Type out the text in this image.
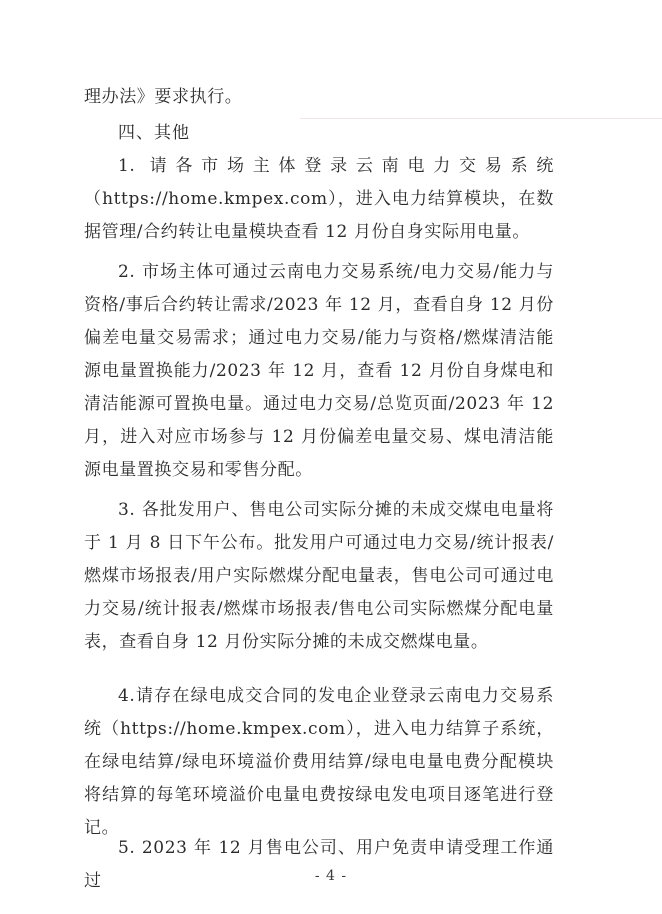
理办法》要求执行。

四、其他

1. 请各市场主体登录云南电力交易系统（https://home.kmpex.com），进入电力结算模块，在数据管理/合约转让电量模块查看 12 月份自身实际用电量。

2. 市场主体可通过云南电力交易系统/电力交易/能力与资格/事后合约转让需求/2023 年 12 月，查看自身 12 月份偏差电量交易需求；通过电力交易/能力与资格/燃煤清洁能源电量置换能力/2023 年 12 月，查看 12 月份自身煤电和清洁能源可置换电量。通过电力交易/总览页面/2023 年 12 月，进入对应市场参与 12 月份偏差电量交易、煤电清洁能源电量置换交易和零售分配。

3. 各批发用户、售电公司实际分摊的未成交煤电电量将于 1 月 8 日下午公布。批发用户可通过电力交易/统计报表/燃煤市场报表/用户实际燃煤分配电量表，售电公司可通过电力交易/统计报表/燃煤市场报表/售电公司实际燃煤分配电量表，查看自身 12 月份实际分摊的未成交燃煤电量。

4.请存在绿电成交合同的发电企业登录云南电力交易系统（https://home.kmpex.com），进入电力结算子系统，在绿电结算/绿电环境溢价费用结算/绿电电量电费分配模块将结算的每笔环境溢价电量电费按绿电发电项目逐笔进行登记。

5. 2023 年 12 月售电公司、用户免责申请受理工作通过	- 4 -
